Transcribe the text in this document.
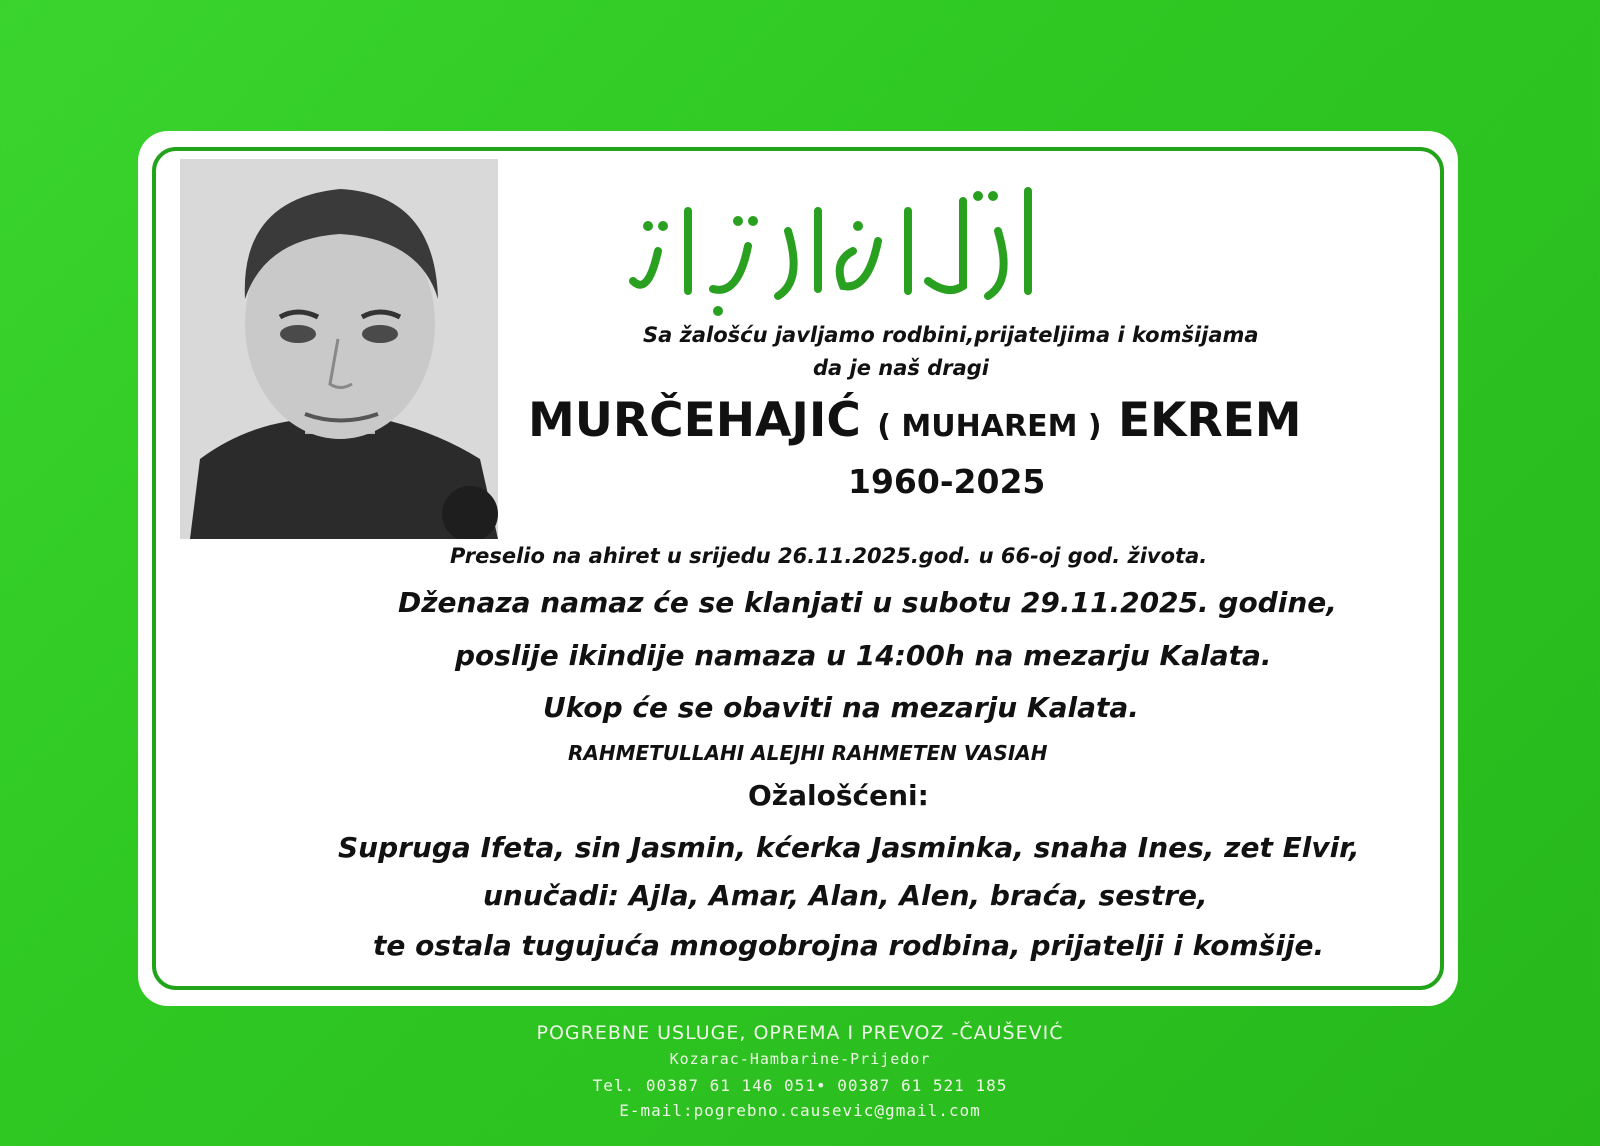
Sa žalošću javljamo rodbini,prijateljima i komšijama
da je naš dragi
MURČEHAJIĆ ( MUHAREM ) EKREM
1960-2025
Preselio na ahiret u srijedu 26.11.2025.god. u 66-oj god. života.
Dženaza namaz će se klanjati u subotu 29.11.2025. godine,
poslije ikindije namaza u 14:00h na mezarju Kalata.
Ukop će se obaviti na mezarju Kalata.
RAHMETULLAHI ALEJHI RAHMETEN VASIAH
Ožalošćeni:
Supruga Ifeta, sin Jasmin, kćerka Jasminka, snaha Ines, zet Elvir,
unučadi: Ajla, Amar, Alan, Alen, braća, sestre,
te ostala tugujuća mnogobrojna rodbina, prijatelji i komšije.
POGREBNE USLUGE, OPREMA I PREVOZ -ČAUŠEVIĆ
Kozarac-Hambarine-Prijedor
Tel. 00387 61 146 051• 00387 61 521 185
E-mail:pogrebno.causevic@gmail.com
